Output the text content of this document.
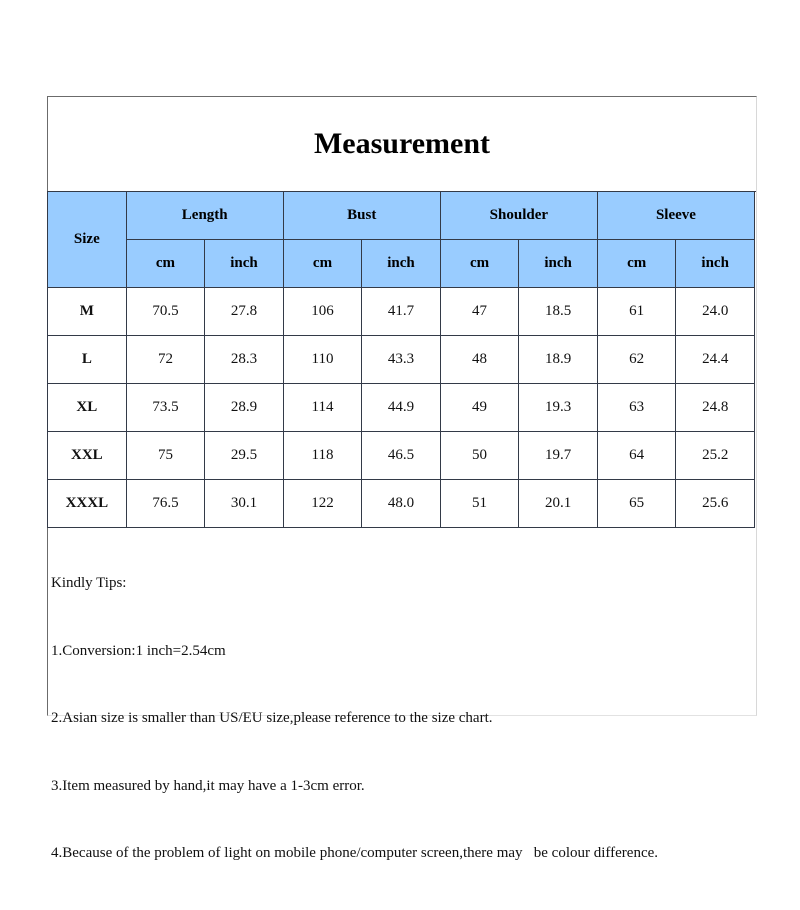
Measurement
Size	Length		Bust		Shoulder		Sleeve	
	cm	inch	cm	inch	cm	inch	cm	inch
M	70.5	27.8	106	41.7	47	18.5	61	24.0
L	72	28.3	110	43.3	48	18.9	62	24.4
XL	73.5	28.9	114	44.9	49	19.3	63	24.8
XXL	75	29.5	118	46.5	50	19.7	64	25.2
XXXL	76.5	30.1	122	48.0	51	20.1	65	25.6

Kindly Tips:

1.Conversion:1 inch=2.54cm

2.Asian size is smaller than US/EU size,please reference to the size chart.

3.Item measured by hand,it may have a 1-3cm error.

4.Because of the problem of light on mobile phone/computer screen,there may   be colour difference.
